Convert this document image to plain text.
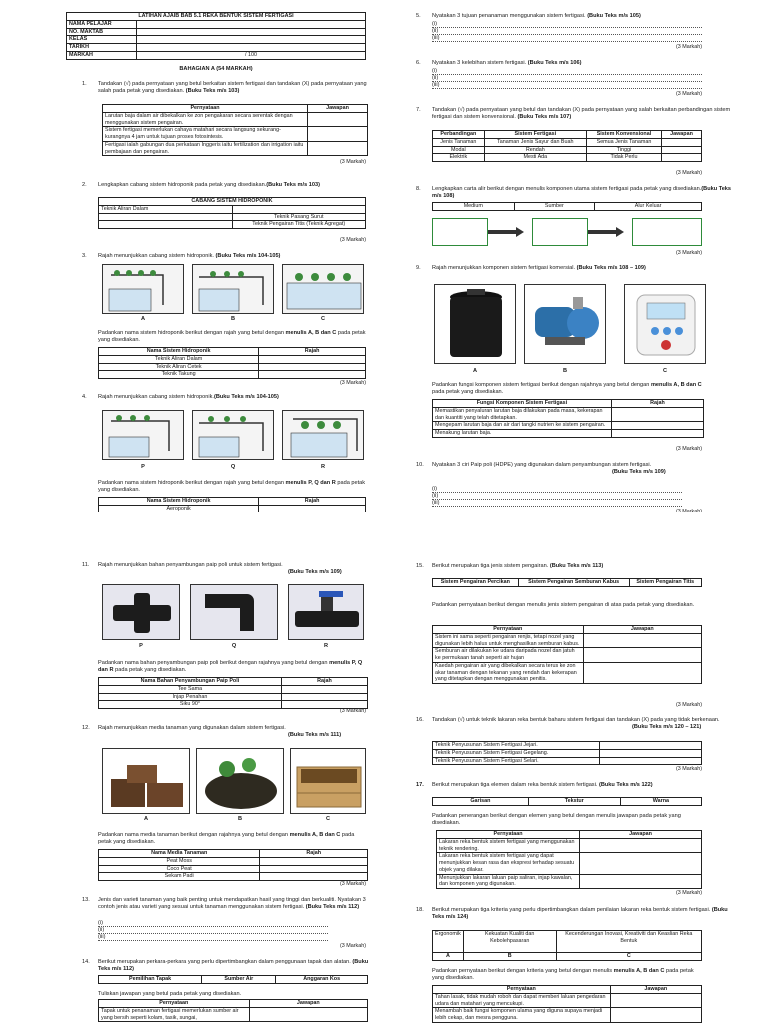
LATIHAN AJAIB BAB 5.1 REKA BENTUK SISTEM FERTIGASI	
NAMA PELAJAR	
NO. MAKTAB	
KELAS	
TARIKH	
MARKAH	/ 100
BAHAGIAN A (54 MARKAH)
1. Tandakan (√) pada pernyataan yang betul berkaitan sistem fertigasi dan tandakan (X) pada pernyataan yang salah pada petak yang disediakan. (Buku Teks m/s 103)
Pernyataan	Jawapan
Larutan baja dalam air dibekalkan ke zon pengakaran secara serentak dengan menggunakan sistem pengairan.	
Sistem fertigasi memerlukan cahaya matahari secara langsung sekurang-kurangnya 4 jam untuk tujuan proses fotosintesis.	
Fertigasi ialah gabungan dua perkataan Inggeris iaitu fertilization dan irrigation iaitu pembajaan dan pengairan.	
(3 Markah)
2. Lengkapkan cabang sistem hidroponik pada petak yang disediakan.(Buku Teks m/s 103)
CABANG SISTEM HIDROPONIK	
Teknik Aliran Dalam	
	Teknik Pasang Surut
	Teknik Pengairan Titis (Teknik Agregat)
(3 Markah)
3. Rajah menunjukkan cabang sistem hidroponik. (Buku Teks m/s 104-105)
A	B	C
Padankan nama sistem hidroponik berikut dengan rajah yang betul dengan menulis A, B dan C pada petak yang disediakan.
Nama Sistem Hidroponik	Rajah
Teknik Aliran Dalam	
Teknik Aliran Cetek	
Teknik Takung	
(3 Markah)
4. Rajah menunjukkan cabang sistem hidroponik.(Buku Teks m/s 104-105)
P	Q	R
Padankan nama sistem hidroponik berikut dengan rajah yang betul dengan menulis P, Q dan R pada petak yang disediakan.
Nama Sistem Hidroponik	Rajah
Aeroponik	

5. Nyatakan 3 tujuan penanaman menggunakan sistem fertigasi. (Buku Teks m/s 105)
(i)
(ii)
(iii)
(3 Markah)
6. Nyatakan 3 kelebihan sistem fertigasi. (Buku Teks m/s 106)
(i)
(ii)
(iii)
(3 Markah)
7. Tandakan (√) pada pernyataan yang betul dan tandakan (X) pada pernyataan yang salah berkaitan perbandingan sistem fertigasi dan sistem konvensional. (Buku Teks m/s 107)
Perbandingan	Sistem Fertigasi	Sistem Konvensional	Jawapan
Jenis Tanaman	Tanaman Jenis Sayur dan Buah	Semua Jenis Tanaman	
Modal	Rendah	Tinggi	
Elektrik	Mesti Ada	Tidak Perlu	
(3 Markah)
8. Lengkapkan carta alir berikut dengan menulis komponen utama sistem fertigasi pada petak yang disediakan.(Buku Teks m/s 108)
Medium	Sumber	Alur Keluar
(3 Markah)
9. Rajah menunjukkan komponen sistem fertigasi komersial. (Buku Teks m/s 108 – 109)
A	B	C
Padankan fungsi komponen sistem fertigasi berikut dengan rajahnya yang betul dengan menulis A, B dan C pada petak yang disediakan.
Fungsi Komponen Sistem Fertigasi	Rajah
Memastikan penyaluran larutan baja dilakukan pada masa, kekerapan dan kuantiti yang telah ditetapkan.	
Mengepam larutan baja dan air dari tangki nutrien ke sistem pengairan.	
Menakung larutan baja.	
(3 Markah)
10. Nyatakan 3 ciri Paip poli (HDPE) yang digunakan dalam penyambungan sistem fertigasi.
(Buku Teks m/s 109)
(i)
(ii)
(iii)
11. Rajah menunjukkan bahan penyambungan paip poli untuk sistem fertigasi.
(Buku Teks m/s 109)
P	Q	R
Padankan nama bahan penyambungan paip poli berikut dengan rajahnya yang betul dengan menulis P, Q dan R pada petak yang disediakan.
Nama Bahan Penyambungan Paip Poli	Rajah
Tee Sama	
Injap Penahan	
Siku 90°	
(3 Markah)
12. Rajah menunjukkan media tanaman yang digunakan dalam sistem fertigasi.
(Buku Teks m/s 111)
A	B	C
Padankan nama media tanaman berikut dengan rajahnya yang betul dengan menulis A, B dan C pada petak yang disediakan.
Nama Media Tanaman	Rajah
Peat Moss	
Coco Peat	
Sekam Padi	
(3 Markah)
13. Jenis dan varieti tanaman yang baik penting untuk mendapatkan hasil yang tinggi dan berkualiti. Nyatakan 3 contoh jenis atau varieti yang sesuai untuk tanaman menggunakan sistem fertigasi. (Buku Teks m/s 112)
(i)
(ii)
(iii)
(3 Markah)
14. Berikut merupakan perkara-perkara yang perlu dipertimbangkan dalam penggunaan tapak dan alatan. (Buku Teks m/s 112)
Pemilihan Tapak	Sumber Air	Anggaran Kos
Tuliskan jawapan yang betul pada petak yang disediakan.
Pernyataan	Jawapan
Tapak untuk penanaman fertigasi memerlukan sumber air yang bersih seperti kolam, tasik, sungai,	
15. Berikut merupakan tiga jenis sistem pengairan. (Buku Teks m/s 113)
Sistem Pengairan Percikan	Sistem Pengairan Semburan Kabus	Sistem Pengairan Titis
Padankan pernyataan berikut dengan menulis jenis sistem pengairan di atas pada petak yang disediakan.
Pernyataan	Jawapan
Sistem ini sama seperti pengairan renjis, tetapi nozel yang digunakan lebih halus untuk menghasilkan semburan kabus.	
Semburan air dilakukan ke udara daripada nozel dan jatuh ke permukaan tanah seperti air hujan	
Kaedah pengairan air yang dibekalkan secara terus ke zon akar tanaman dengan tekanan yang rendah dan kekerapan yang ditetapkan dengan menggunakan penitis.	
(3 Markah)
16. Tandakan (√) untuk teknik lakaran reka bentuk baharu sistem fertigasi dan tandakan (X) pada yang tidak berkenaan.
(Buku Teks m/s 120 – 121)
Teknik Penyusunan Sistem Fertigasi Jejari.	
Teknik Penyusunan Sistem Fertigasi Gegelang.	
Teknik Penyusunan Sistem Fertigasi Selari.	
(3 Markah)
17. Berikut merupakan tiga elemen dalam reka bentuk sistem fertigasi. (Buku Teks m/s 122)
Garisan	Tekstur	Warna
Padankan penerangan berikut dengan elemen yang betul dengan menulis jawapan pada petak yang disediakan.
Pernyataan	Jawapan
Lakaran reka bentuk sistem fertigasi yang menggunakan teknik rendering.	
Lakaran reka bentuk sistem fertigasi yang dapat menunjukkan kesan rasa dan ekspresi terhadap sesuatu objek yang dilakar.	
Menunjukkan lakaran laluan paip saliran, injap kawalan, dan komponen yang digunakan.	
(3 Markah)
18. Berikut merupakan tiga kriteria yang perlu dipertimbangkan dalam penilaian lakaran reka bentuk sistem fertigasi. (Buku Teks m/s 124)
Ergonomik	Kekuatan Kualiti dan Kebolehpasaran	Kecenderungan Inovasi, Kreativiti dan Keaslian Reka Bentuk
A	B	C
Padankan pernyataan berikut dengan kriteria yang betul dengan menulis menulis A, B dan C pada petak yang disediakan.
Pernyataan	Jawapan
Tahan lasak, tidak mudah roboh dan dapat memberi laluan pengedaran udara dan matahari yang mencukupi.	
Menambah baik fungsi komponen ulama yang diguna supaya menjadi lebih cekap, dan mesra pengguna.	
